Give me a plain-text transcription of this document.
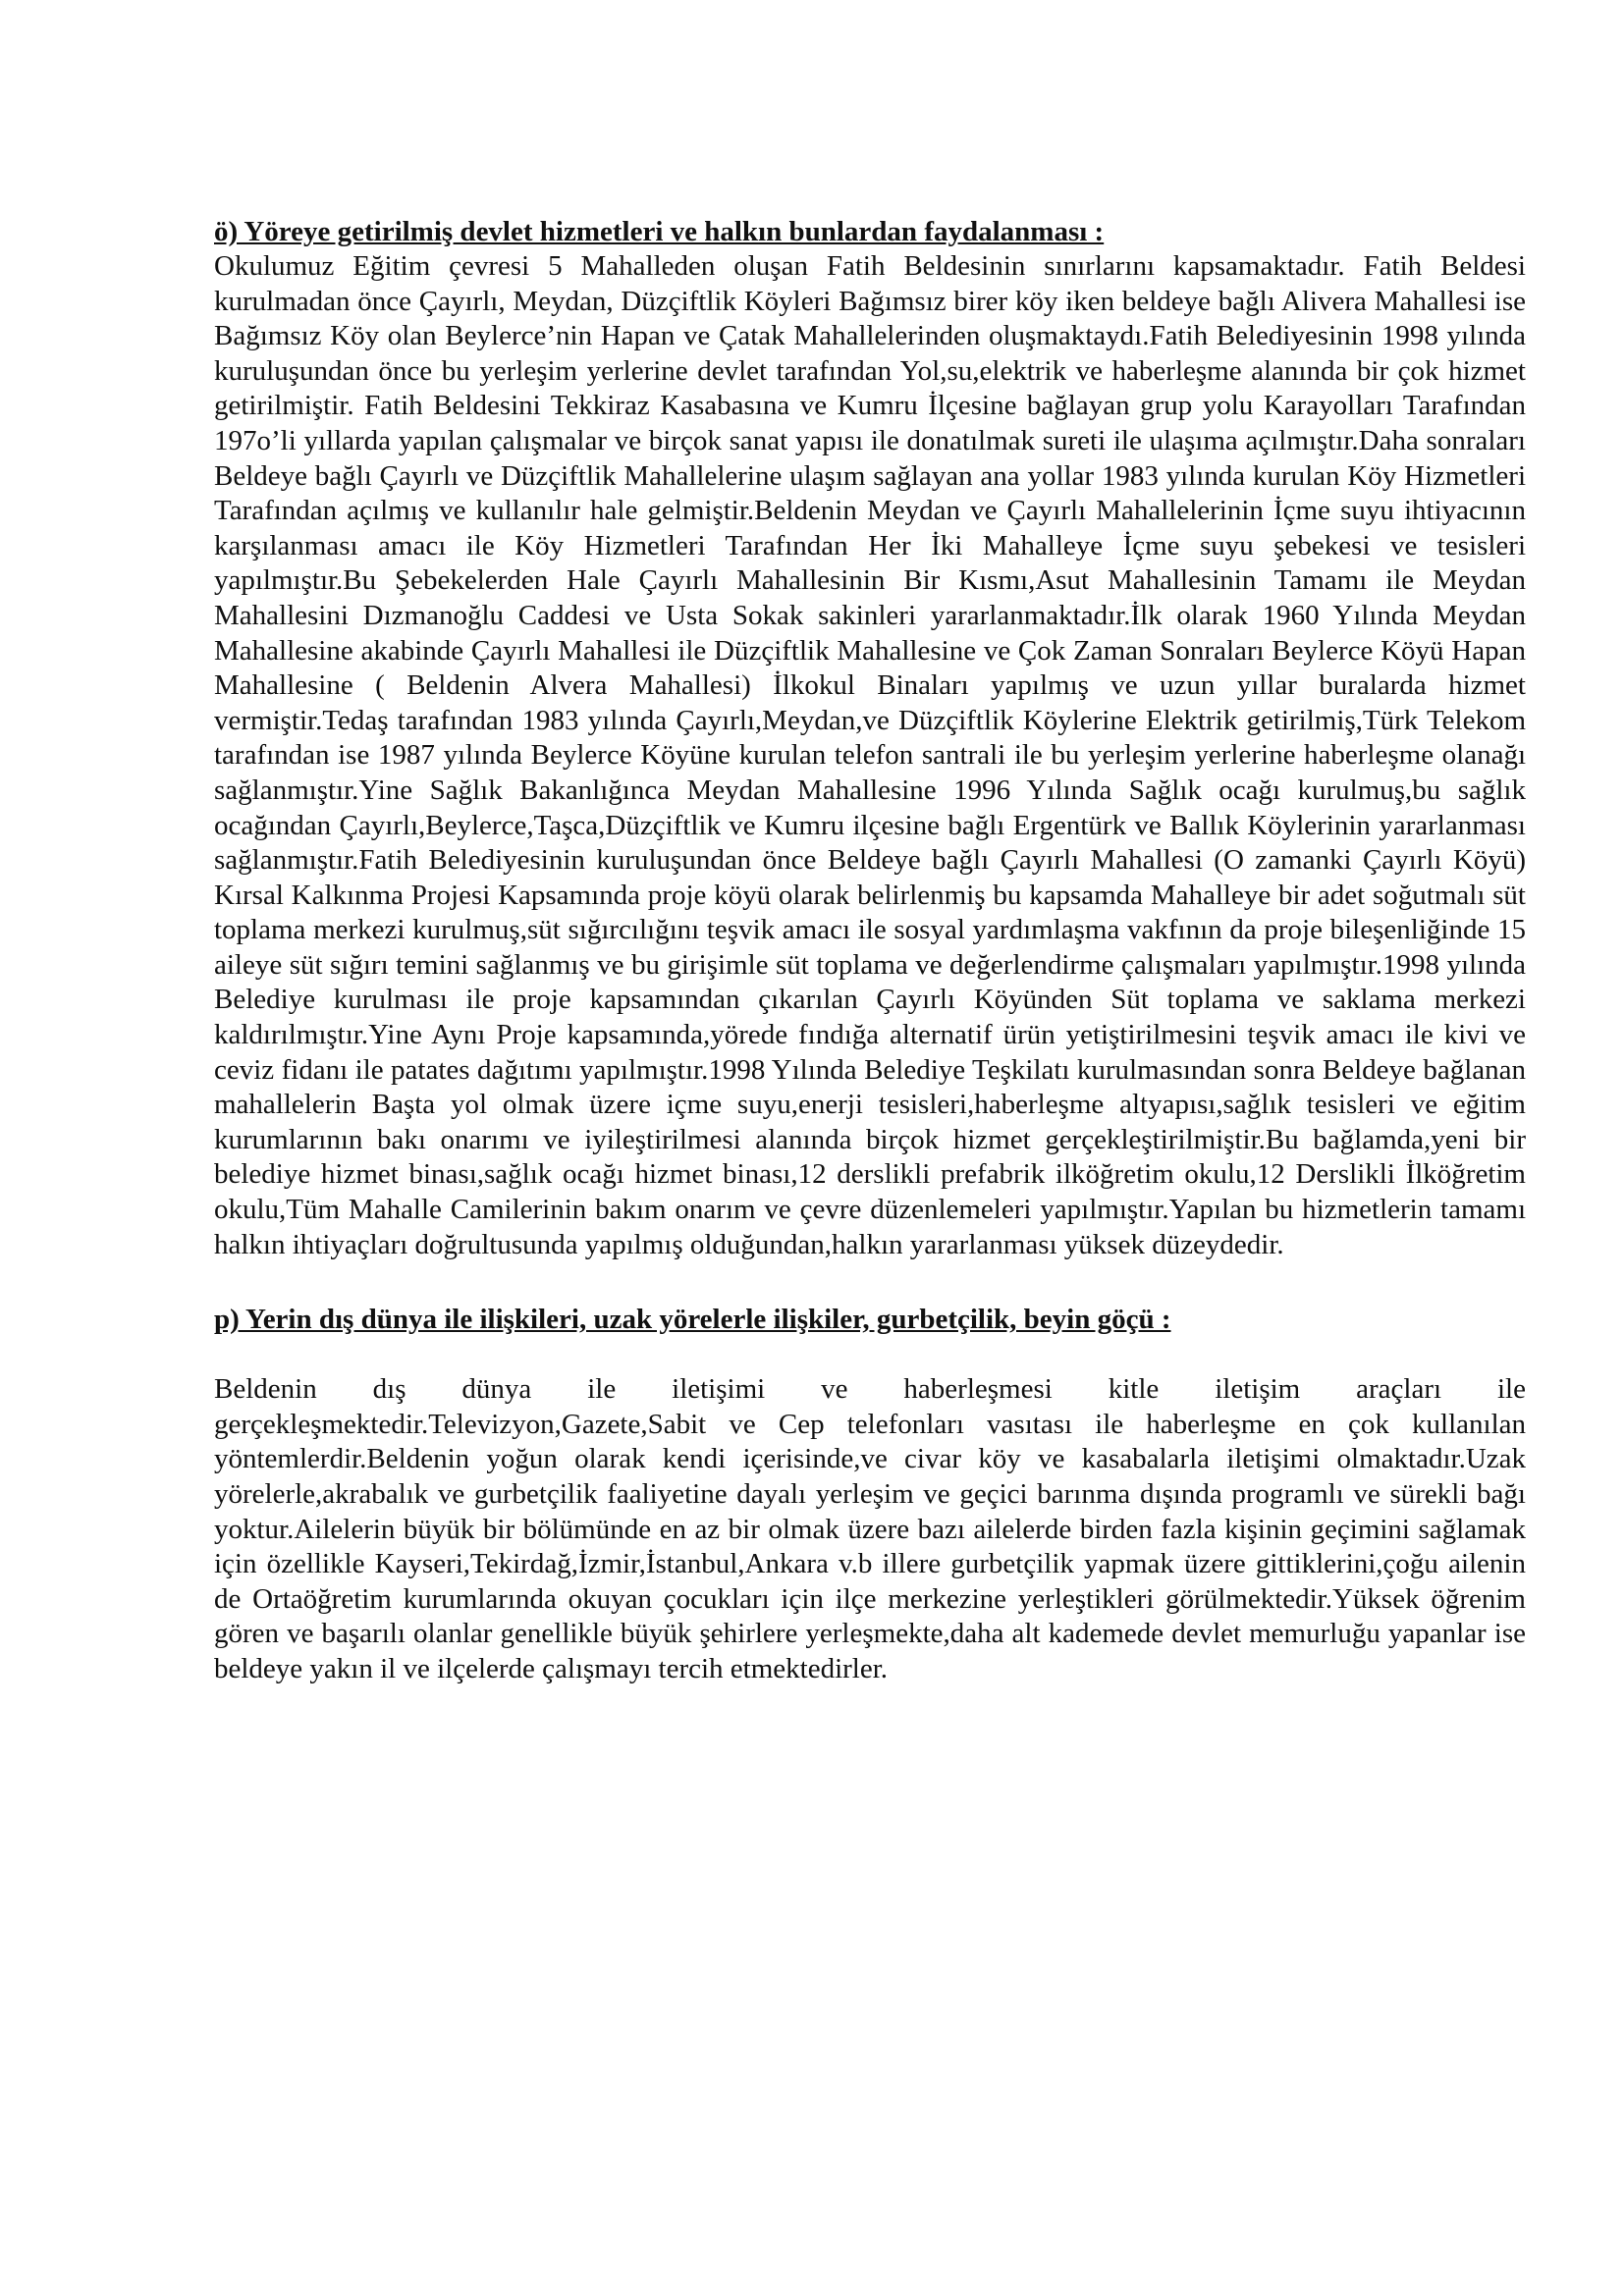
ö) Yöreye getirilmiş devlet hizmetleri ve halkın bunlardan faydalanması :

Okulumuz Eğitim çevresi 5 Mahalleden oluşan Fatih Beldesinin sınırlarını kapsamaktadır. Fatih Beldesi kurulmadan önce Çayırlı, Meydan, Düzçiftlik Köyleri Bağımsız birer köy iken beldeye bağlı Alivera Mahallesi ise Bağımsız Köy olan Beylerce’nin Hapan ve Çatak Mahallelerinden oluşmaktaydı.Fatih Belediyesinin 1998 yılında kuruluşundan önce bu yerleşim yerlerine devlet tarafından Yol,su,elektrik ve haberleşme alanında bir çok hizmet getirilmiştir. Fatih Beldesini Tekkiraz Kasabasına ve Kumru İlçesine bağlayan grup yolu Karayolları Tarafından 197o’li yıllarda yapılan çalışmalar ve birçok sanat yapısı ile donatılmak sureti ile ulaşıma açılmıştır.Daha sonraları Beldeye bağlı Çayırlı ve Düzçiftlik Mahallelerine ulaşım sağlayan ana yollar 1983 yılında kurulan Köy Hizmetleri Tarafından açılmış ve kullanılır hale gelmiştir.Beldenin Meydan ve Çayırlı Mahallelerinin İçme suyu ihtiyacının karşılanması amacı ile Köy Hizmetleri Tarafından Her İki Mahalleye İçme suyu şebekesi ve tesisleri yapılmıştır.Bu Şebekelerden Hale Çayırlı Mahallesinin Bir Kısmı,Asut Mahallesinin Tamamı ile Meydan Mahallesini Dızmanoğlu Caddesi ve Usta Sokak sakinleri yararlanmaktadır.İlk olarak 1960 Yılında Meydan Mahallesine akabinde Çayırlı Mahallesi ile Düzçiftlik Mahallesine ve Çok Zaman Sonraları Beylerce Köyü Hapan Mahallesine ( Beldenin Alvera Mahallesi) İlkokul Binaları yapılmış ve uzun yıllar buralarda hizmet vermiştir.Tedaş tarafından 1983 yılında Çayırlı,Meydan,ve Düzçiftlik Köylerine Elektrik getirilmiş,Türk Telekom tarafından ise 1987 yılında Beylerce Köyüne kurulan telefon santrali ile bu yerleşim yerlerine haberleşme olanağı sağlanmıştır.Yine Sağlık Bakanlığınca Meydan Mahallesine 1996 Yılında Sağlık ocağı kurulmuş,bu sağlık ocağından Çayırlı,Beylerce,Taşca,Düzçiftlik ve Kumru ilçesine bağlı Ergentürk ve Ballık Köylerinin yararlanması sağlanmıştır.Fatih Belediyesinin kuruluşundan önce Beldeye bağlı Çayırlı Mahallesi (O zamanki Çayırlı Köyü) Kırsal Kalkınma Projesi Kapsamında proje köyü olarak belirlenmiş bu kapsamda Mahalleye bir adet soğutmalı süt toplama merkezi kurulmuş,süt sığırcılığını teşvik amacı ile sosyal yardımlaşma vakfının da proje bileşenliğinde 15 aileye süt sığırı temini sağlanmış ve bu girişimle süt toplama ve değerlendirme çalışmaları yapılmıştır.1998 yılında Belediye kurulması ile proje kapsamından çıkarılan Çayırlı Köyünden Süt toplama ve saklama merkezi kaldırılmıştır.Yine Aynı Proje kapsamında,yörede fındığa alternatif ürün yetiştirilmesini teşvik amacı ile kivi ve ceviz fidanı ile patates dağıtımı yapılmıştır.1998 Yılında Belediye Teşkilatı kurulmasından sonra Beldeye bağlanan mahallelerin Başta yol olmak üzere içme suyu,enerji tesisleri,haberleşme altyapısı,sağlık tesisleri ve eğitim kurumlarının bakı onarımı ve iyileştirilmesi alanında birçok hizmet gerçekleştirilmiştir.Bu bağlamda,yeni bir belediye hizmet binası,sağlık ocağı hizmet binası,12 derslikli prefabrik ilköğretim okulu,12 Derslikli İlköğretim okulu,Tüm Mahalle Camilerinin bakım onarım ve çevre düzenlemeleri yapılmıştır.Yapılan bu hizmetlerin tamamı halkın ihtiyaçları doğrultusunda yapılmış olduğundan,halkın yararlanması yüksek düzeydedir.

p) Yerin dış dünya ile ilişkileri, uzak yörelerle ilişkiler, gurbetçilik, beyin göçü :

Beldenin dış dünya ile iletişimi ve haberleşmesi kitle iletişim araçları ile gerçekleşmektedir.Televizyon,Gazete,Sabit ve Cep telefonları vasıtası ile haberleşme en çok kullanılan yöntemlerdir.Beldenin yoğun olarak kendi içerisinde,ve civar köy ve kasabalarla iletişimi olmaktadır.Uzak yörelerle,akrabalık ve gurbetçilik faaliyetine dayalı yerleşim ve geçici barınma dışında programlı ve sürekli bağı yoktur.Ailelerin büyük bir bölümünde en az bir olmak üzere bazı ailelerde birden fazla kişinin geçimini sağlamak için özellikle Kayseri,Tekirdağ,İzmir,İstanbul,Ankara v.b illere gurbetçilik yapmak üzere gittiklerini,çoğu ailenin de Ortaöğretim kurumlarında okuyan çocukları için ilçe merkezine yerleştikleri görülmektedir.Yüksek öğrenim gören ve başarılı olanlar genellikle büyük şehirlere yerleşmekte,daha alt kademede devlet memurluğu yapanlar ise beldeye yakın il ve ilçelerde çalışmayı tercih etmektedirler.
